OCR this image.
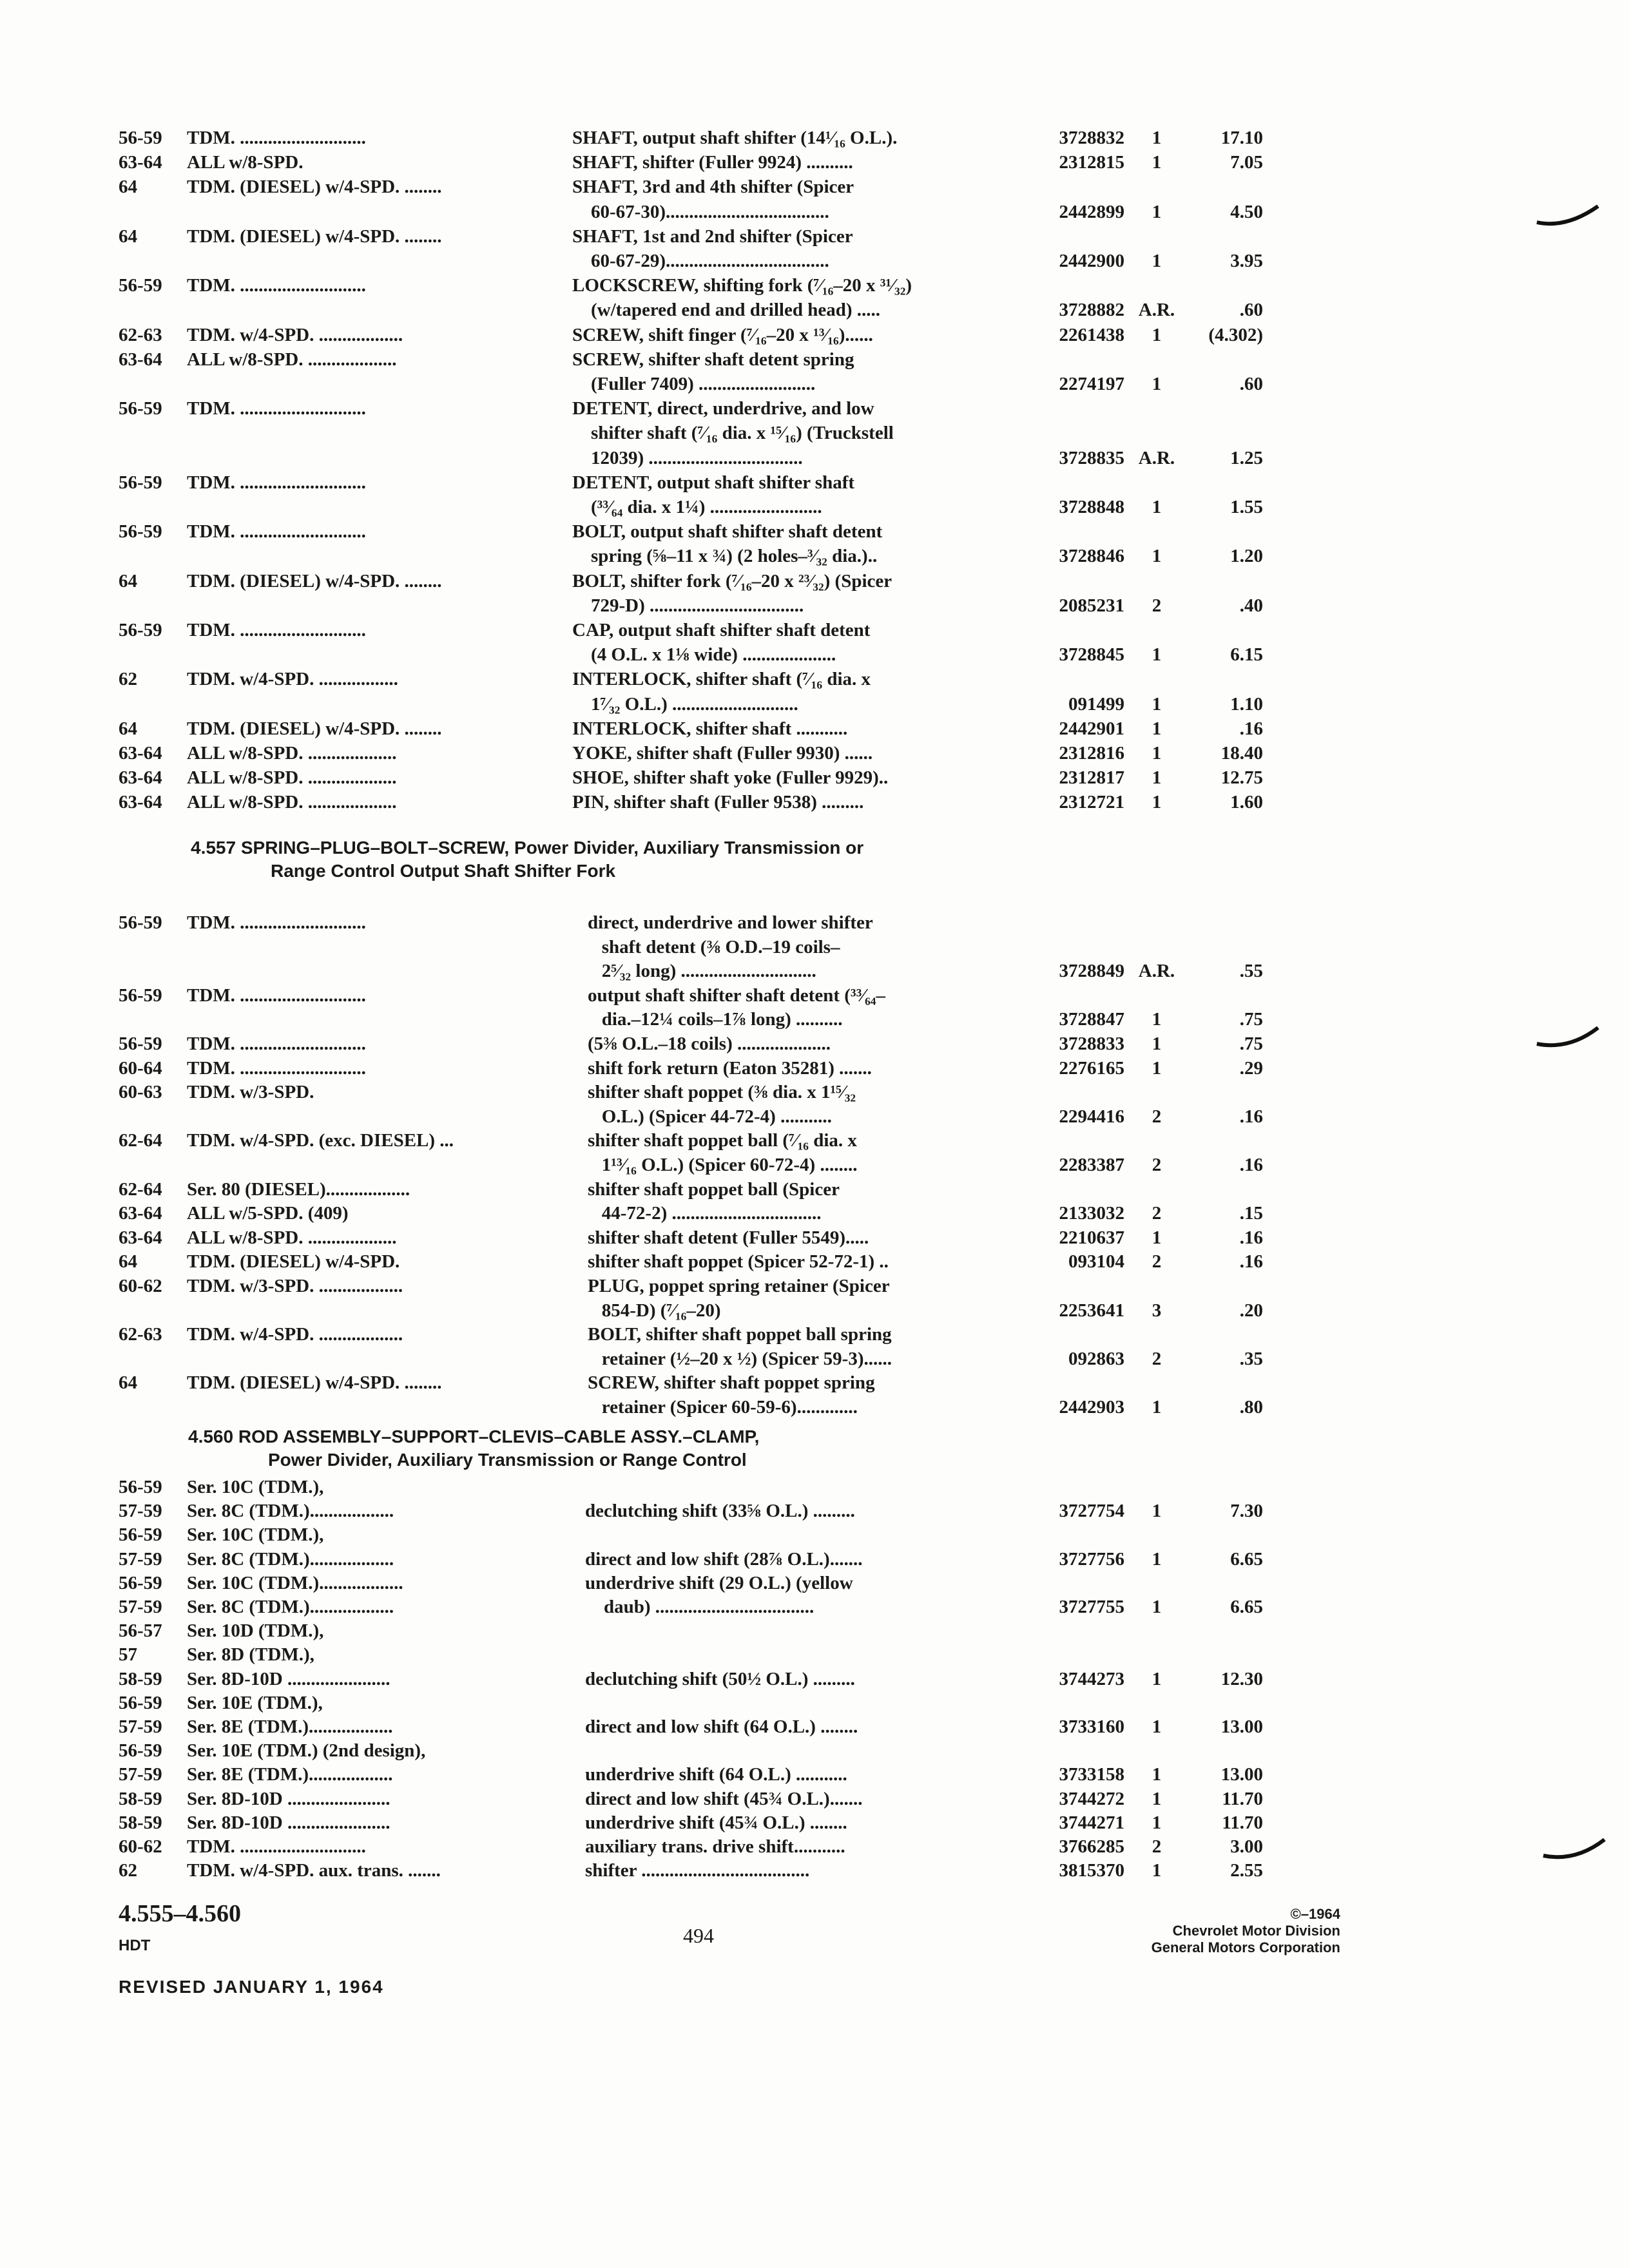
56-59 TDM. ...........................	SHAFT, output shaft shifter (14¹⁄₁₆ O.L.).	3728832	1	17.10
63-64 ALL w/8-SPD.	SHAFT, shifter (Fuller 9924) ..........	2312815	1	7.05
64	TDM. (DIESEL) w/4-SPD. ........	SHAFT, 3rd and 4th shifter (Spicer
60-67-30)...................................	2442899	1	4.50
64	TDM. (DIESEL) w/4-SPD. ........	SHAFT, 1st and 2nd shifter (Spicer
60-67-29)...................................	2442900	1	3.95
56-59 TDM. ...........................	LOCKSCREW, shifting fork (⁷⁄₁₆–20 x ³¹⁄₃₂)
(w/tapered end and drilled head) .....	3728882 A.R.	.60
62-63 TDM. w/4-SPD. ..................	SCREW, shift finger (⁷⁄₁₆–20 x ¹³⁄₁₆)......	2261438	1	(4.302)
63-64 ALL w/8-SPD. ...................	SCREW, shifter shaft detent spring
(Fuller 7409) .........................	2274197	1	.60
56-59 TDM. ...........................	DETENT, direct, underdrive, and low
shifter shaft (⁷⁄₁₆ dia. x ¹⁵⁄₁₆) (Truckstell
12039) .................................	3728835 A.R.	1.25
56-59 TDM. ...........................	DETENT, output shaft shifter shaft
(³³⁄₆₄ dia. x 1¼) ........................	3728848	1	1.55
56-59 TDM. ...........................	BOLT, output shaft shifter shaft detent
spring (⅝–11 x ¾) (2 holes–³⁄₃₂ dia.)..	3728846	1	1.20
64	TDM. (DIESEL) w/4-SPD. ........	BOLT, shifter fork (⁷⁄₁₆–20 x ²³⁄₃₂) (Spicer
729-D) .................................	2085231	2	.40
56-59 TDM. ...........................	CAP, output shaft shifter shaft detent
(4 O.L. x 1⅛ wide) ....................	3728845	1	6.15
62	TDM. w/4-SPD. .................	INTERLOCK, shifter shaft (⁷⁄₁₆ dia. x
1⁷⁄₃₂ O.L.) ...........................	091499	1	1.10
64	TDM. (DIESEL) w/4-SPD. ........	INTERLOCK, shifter shaft ...........	2442901	1	.16
63-64 ALL w/8-SPD. ...................	YOKE, shifter shaft (Fuller 9930) ......	2312816	1	18.40
63-64 ALL w/8-SPD. ...................	SHOE, shifter shaft yoke (Fuller 9929)..	2312817	1	12.75
63-64 ALL w/8-SPD. ...................	PIN, shifter shaft (Fuller 9538) .........	2312721	1	1.60
4.557 SPRING–PLUG–BOLT–SCREW, Power Divider, Auxiliary Transmission or
Range Control Output Shaft Shifter Fork
56-59 TDM. ...........................	direct, underdrive and lower shifter
shaft detent (⅜ O.D.–19 coils–
2⁵⁄₃₂ long) .............................	3728849 A.R.	.55
56-59 TDM. ...........................	output shaft shifter shaft detent (³³⁄₆₄–
dia.–12¼ coils–1⅞ long) ..........	3728847	1	.75
56-59 TDM. ...........................	(5⅜ O.L.–18 coils) ....................	3728833	1	.75
60-64 TDM. ...........................	shift fork return (Eaton 35281) .......	2276165	1	.29
60-63 TDM. w/3-SPD.	shifter shaft poppet (⅜ dia. x 1¹⁵⁄₃₂
O.L.) (Spicer 44-72-4) ...........	2294416	2	.16
62-64 TDM. w/4-SPD. (exc. DIESEL) ...	shifter shaft poppet ball (⁷⁄₁₆ dia. x
1¹³⁄₁₆ O.L.) (Spicer 60-72-4) ........	2283387	2	.16
62-64 Ser. 80 (DIESEL)..................	shifter shaft poppet ball (Spicer
63-64 ALL w/5-SPD. (409)	44-72-2) ................................	2133032	2	.15
63-64 ALL w/8-SPD. ...................	shifter shaft detent (Fuller 5549).....	2210637	1	.16
64	TDM. (DIESEL) w/4-SPD.	shifter shaft poppet (Spicer 52-72-1) ..	093104	2	.16
60-62 TDM. w/3-SPD. ..................	PLUG, poppet spring retainer (Spicer
854-D) (⁷⁄₁₆–20)	2253641	3	.20
62-63 TDM. w/4-SPD. ..................	BOLT, shifter shaft poppet ball spring
retainer (½–20 x ½) (Spicer 59-3)......	092863	2	.35
64	TDM. (DIESEL) w/4-SPD. ........	SCREW, shifter shaft poppet spring
retainer (Spicer 60-59-6).............	2442903	1	.80
4.560 ROD ASSEMBLY–SUPPORT–CLEVIS–CABLE ASSY.–CLAMP,
Power Divider, Auxiliary Transmission or Range Control
56-59 Ser. 10C (TDM.),
57-59 Ser. 8C (TDM.)..................	declutching shift (33⅝ O.L.) .........	3727754	1	7.30
56-59 Ser. 10C (TDM.),
57-59 Ser. 8C (TDM.)..................	direct and low shift (28⅞ O.L.).......	3727756	1	6.65
56-59 Ser. 10C (TDM.)..................	underdrive shift (29 O.L.) (yellow
57-59 Ser. 8C (TDM.)..................	daub) ..................................	3727755	1	6.65
56-57 Ser. 10D (TDM.),
57	Ser. 8D (TDM.),
58-59 Ser. 8D-10D ......................	declutching shift (50½ O.L.) .........	3744273	1	12.30
56-59 Ser. 10E (TDM.),
57-59 Ser. 8E (TDM.)..................	direct and low shift (64 O.L.) ........	3733160	1	13.00
56-59 Ser. 10E (TDM.) (2nd design),
57-59 Ser. 8E (TDM.)..................	underdrive shift (64 O.L.) ...........	3733158	1	13.00
58-59 Ser. 8D-10D ......................	direct and low shift (45¾ O.L.).......	3744272	1	11.70
58-59 Ser. 8D-10D ......................	underdrive shift (45¾ O.L.) ........	3744271	1	11.70
60-62 TDM. ...........................	auxiliary trans. drive shift...........	3766285	2	3.00
62	TDM. w/4-SPD. aux. trans. .......	shifter ....................................	3815370	1	2.55
4.555–4.560
HDT	494
©–1964
Chevrolet Motor Division
General Motors Corporation
REVISED JANUARY 1, 1964
